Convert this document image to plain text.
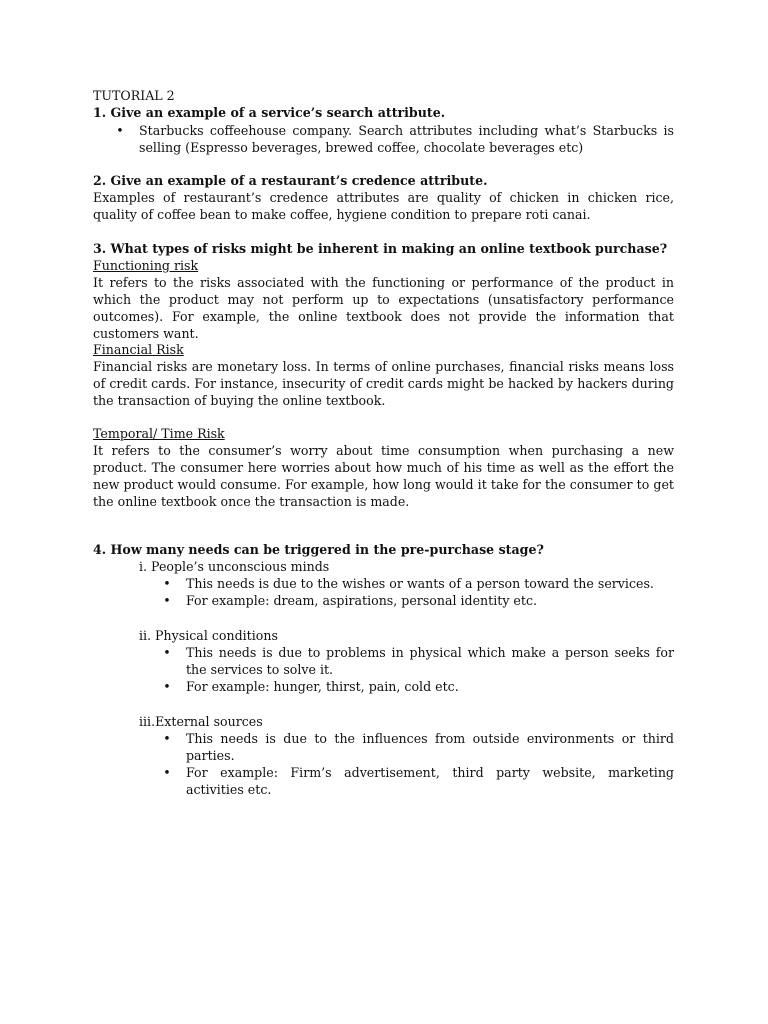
TUTORIAL 2
1. Give an example of a service’s search attribute.
• Starbucks coffeehouse company. Search attributes including what’s Starbucks is selling (Espresso beverages, brewed coffee, chocolate beverages etc)
2. Give an example of a restaurant’s credence attribute.

Examples of restaurant’s credence attributes are quality of chicken in chicken rice, quality of coffee bean to make coffee, hygiene condition to prepare roti canai.

3. What types of risks might be inherent in making an online textbook purchase?
Functioning risk

It refers to the risks associated with the functioning or performance of the product in which the product may not perform up to expectations (unsatisfactory performance outcomes). For example, the online textbook does not provide the information that customers want.

Financial Risk

Financial risks are monetary loss. In terms of online purchases, financial risks means loss of credit cards. For instance, insecurity of credit cards might be hacked by hackers during the transaction of buying the online textbook.

Temporal/ Time Risk

It refers to the consumer’s worry about time consumption when purchasing a new product. The consumer here worries about how much of his time as well as the effort the new product would consume. For example, how long would it take for the consumer to get the online textbook once the transaction is made.

4. How many needs can be triggered in the pre-purchase stage?
i. People’s unconscious minds
• This needs is due to the wishes or wants of a person toward the services.
• For example: dream, aspirations, personal identity etc.
ii. Physical conditions
• This needs is due to problems in physical which make a person seeks for the services to solve it.
• For example: hunger, thirst, pain, cold etc.
iii.External sources
• This needs is due to the influences from outside environments or third parties.
• For example: Firm’s advertisement, third party website, marketing activities etc.
